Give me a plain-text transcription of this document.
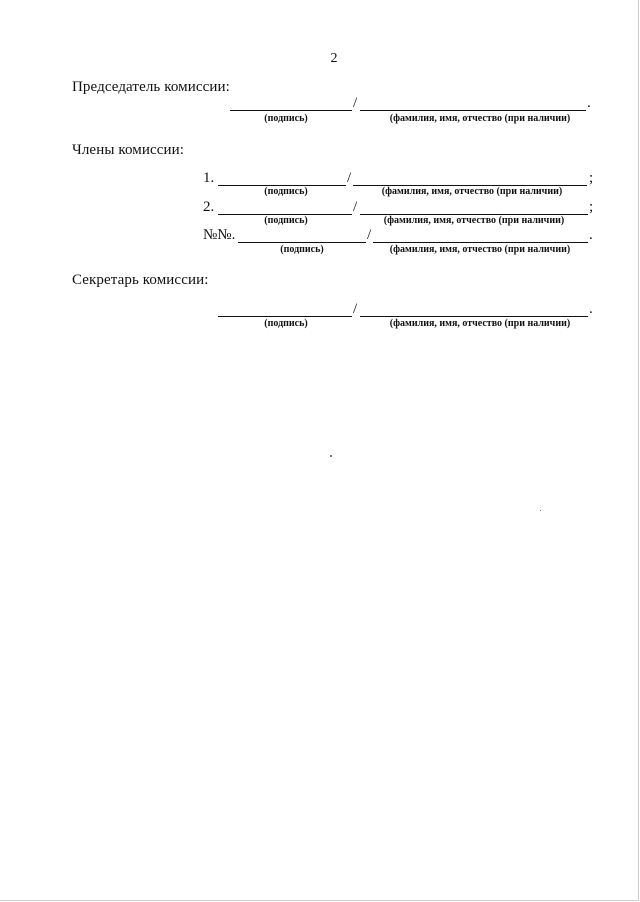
2
Председатель комиссии:
/	.
(подпись)	(фамилия, имя, отчество (при наличии)
Члены комиссии:
1.	/	;
(подпись)	(фамилия, имя, отчество (при наличии)
2.	/	;
(подпись)	(фамилия, имя, отчество (при наличии)
№№.	/	.
(подпись)	(фамилия, имя, отчество (при наличии)
Секретарь комиссии:
/	.
(подпись)	(фамилия, имя, отчество (при наличии)
